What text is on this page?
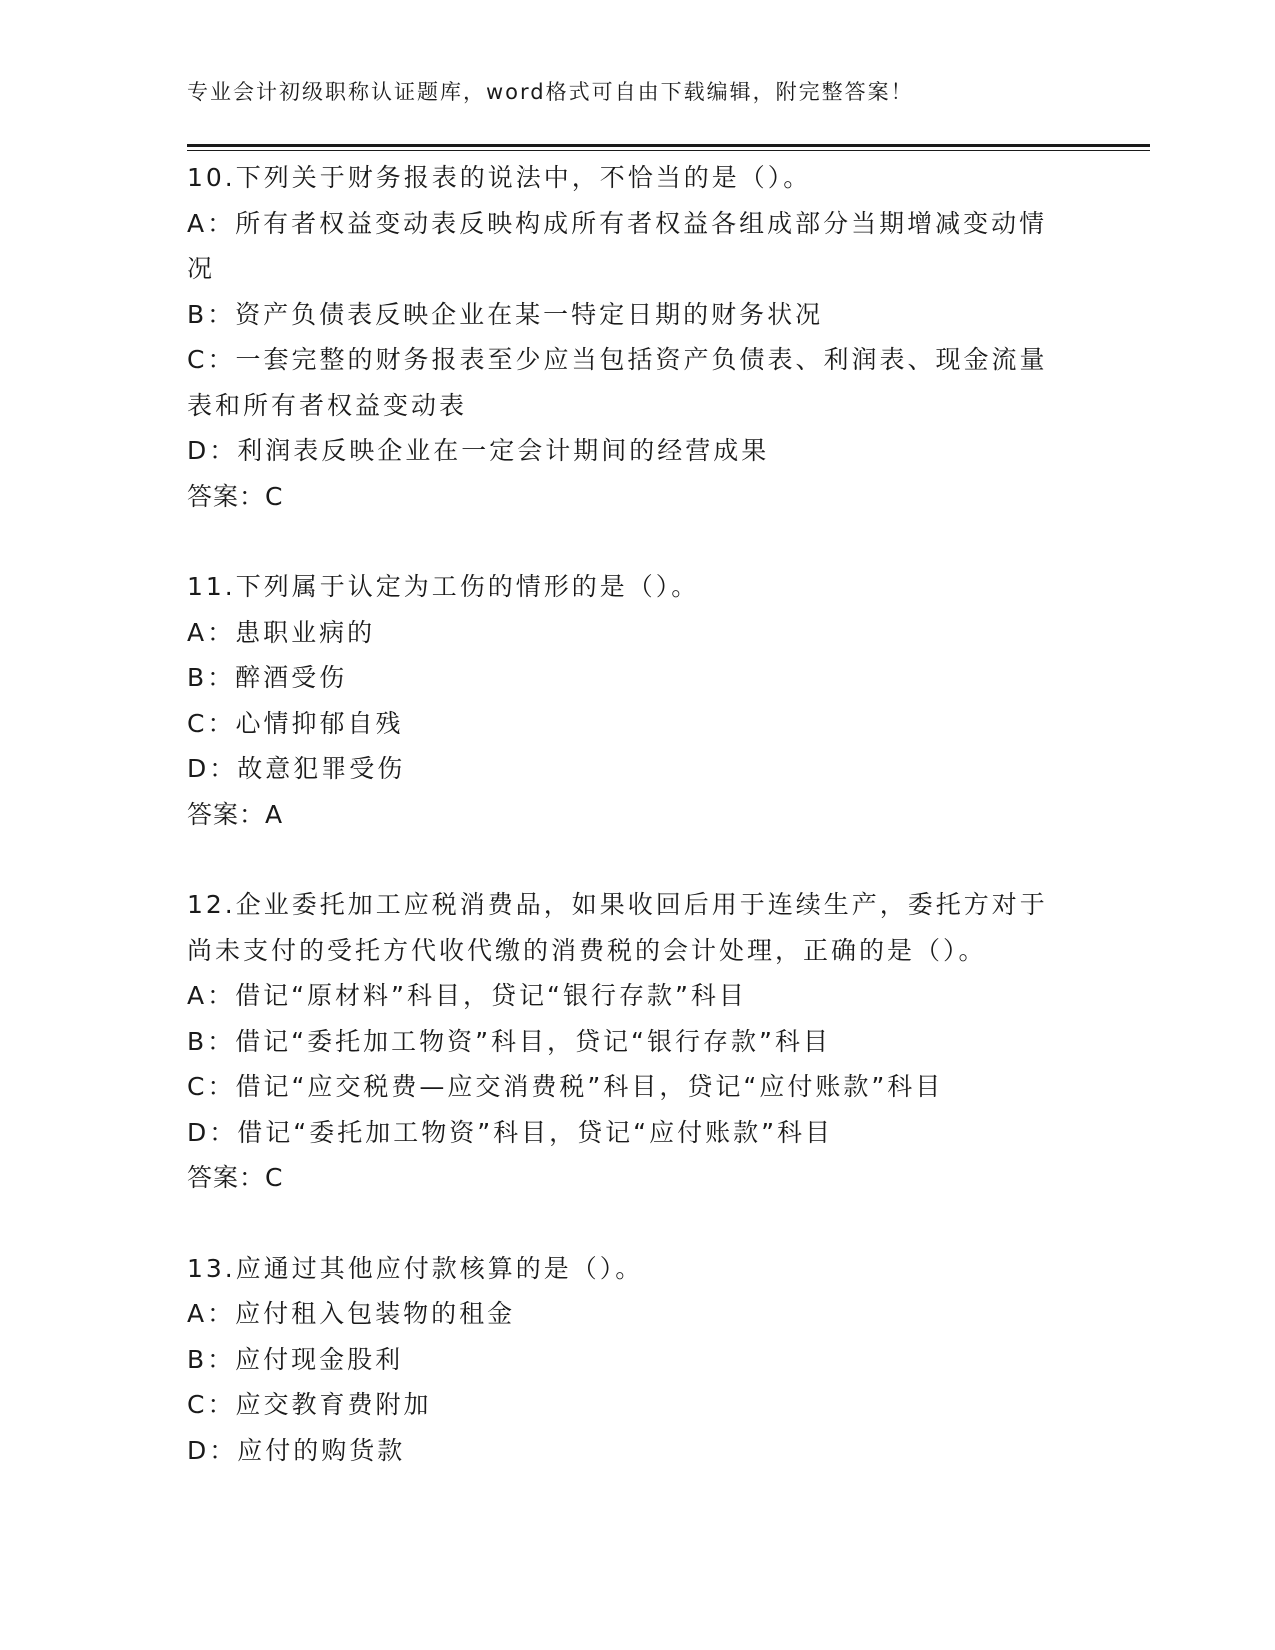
专业会计初级职称认证题库，word格式可自由下载编辑，附完整答案！
10.下列关于财务报表的说法中，不恰当的是（）。
A：所有者权益变动表反映构成所有者权益各组成部分当期增减变动情
况
B：资产负债表反映企业在某一特定日期的财务状况
C：一套完整的财务报表至少应当包括资产负债表、利润表、现金流量
表和所有者权益变动表
D：利润表反映企业在一定会计期间的经营成果
答案：C
11.下列属于认定为工伤的情形的是（）。
A：患职业病的
B：醉酒受伤
C：心情抑郁自残
D：故意犯罪受伤
答案：A
12.企业委托加工应税消费品，如果收回后用于连续生产，委托方对于
尚未支付的受托方代收代缴的消费税的会计处理，正确的是（）。
A：借记“原材料”科目，贷记“银行存款”科目
B：借记“委托加工物资”科目，贷记“银行存款”科目
C：借记“应交税费—应交消费税”科目，贷记“应付账款”科目
D：借记“委托加工物资”科目，贷记“应付账款”科目
答案：C
13.应通过其他应付款核算的是（）。
A：应付租入包装物的租金
B：应付现金股利
C：应交教育费附加
D：应付的购货款
